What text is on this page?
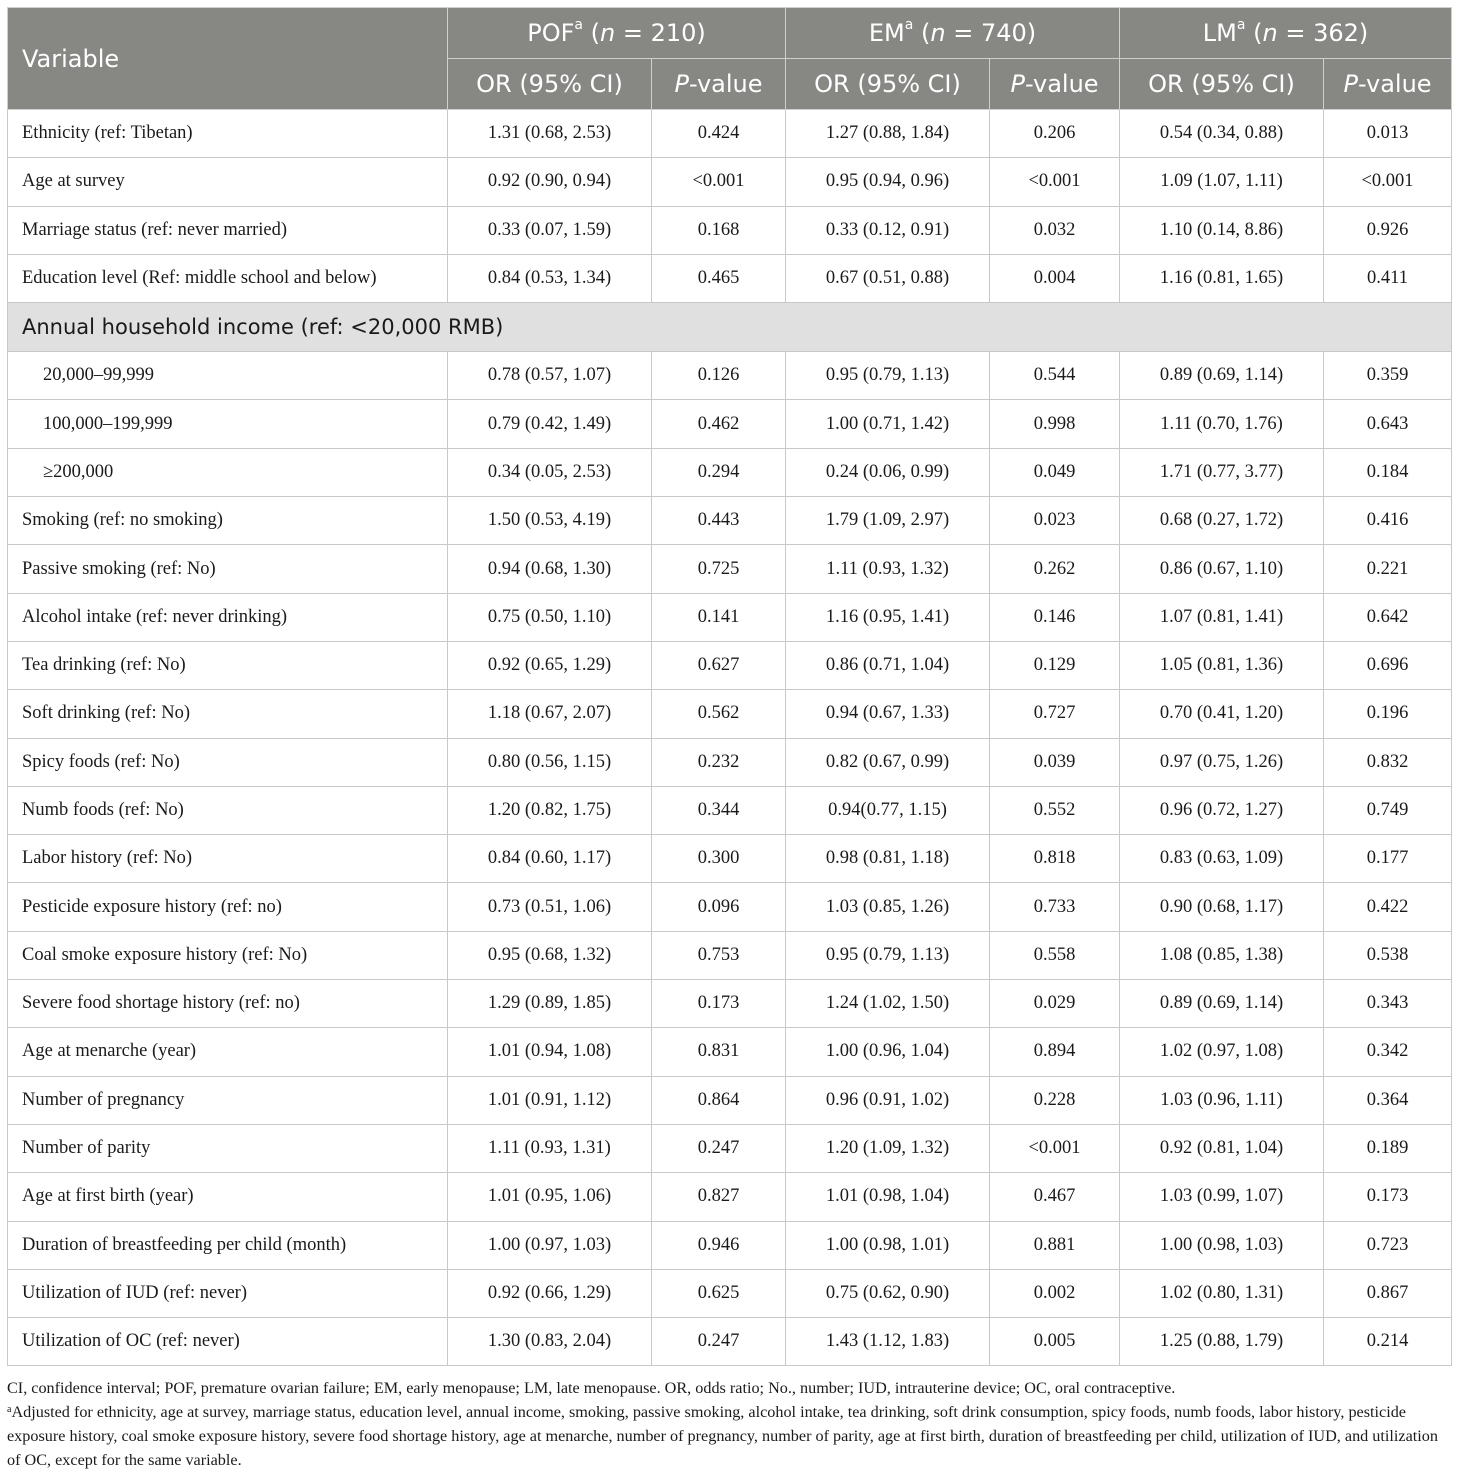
Variable	POF$^a$ (n = 210)		$EM^a$ (n = 740)		$LM^a$ (n = 362)	
	OR (95% CI)	P-value	OR (95% CI)	P-value	OR (95% CI)	P-value
Ethnicity (ref: Tibetan)	1.31 (0.68, 2.53)	0.424	1.27 (0.88, 1.84)	0.206	0.54 (0.34, 0.88)	0.013
Age at survey	0.92 (0.90, 0.94)	<0.001	0.95 (0.94, 0.96)	<0.001	1.09 (1.07, 1.11)	<0.001
Marriage status (ref: never married)	0.33 (0.07, 1.59)	0.168	0.33 (0.12, 0.91)	0.032	1.10 (0.14, 8.86)	0.926
Education level (Ref: middle school and below)	0.84 (0.53, 1.34)	0.465	0.67 (0.51, 0.88)	0.004	1.16 (0.81, 1.65)	0.411
Annual household income (ref: <20,000 RMB)						
20,000–99,999	0.78 (0.57, 1.07)	0.126	0.95 (0.79, 1.13)	0.544	0.89 (0.69, 1.14)	0.359
100,000–199,999	0.79 (0.42, 1.49)	0.462	1.00 (0.71, 1.42)	0.998	1.11 (0.70, 1.76)	0.643
≥200,000	0.34 (0.05, 2.53)	0.294	0.24 (0.06, 0.99)	0.049	1.71 (0.77, 3.77)	0.184
Smoking (ref: no smoking)	1.50 (0.53, 4.19)	0.443	1.79 (1.09, 2.97)	0.023	0.68 (0.27, 1.72)	0.416
Passive smoking (ref: No)	0.94 (0.68, 1.30)	0.725	1.11 (0.93, 1.32)	0.262	0.86 (0.67, 1.10)	0.221
Alcohol intake (ref: never drinking)	0.75 (0.50, 1.10)	0.141	1.16 (0.95, 1.41)	0.146	1.07 (0.81, 1.41)	0.642
Tea drinking (ref: No)	0.92 (0.65, 1.29)	0.627	0.86 (0.71, 1.04)	0.129	1.05 (0.81, 1.36)	0.696
Soft drinking (ref: No)	1.18 (0.67, 2.07)	0.562	0.94 (0.67, 1.33)	0.727	0.70 (0.41, 1.20)	0.196
Spicy foods (ref: No)	0.80 (0.56, 1.15)	0.232	0.82 (0.67, 0.99)	0.039	0.97 (0.75, 1.26)	0.832
Numb foods (ref: No)	1.20 (0.82, 1.75)	0.344	0.94(0.77, 1.15)	0.552	0.96 (0.72, 1.27)	0.749
Labor history (ref: No)	0.84 (0.60, 1.17)	0.300	0.98 (0.81, 1.18)	0.818	0.83 (0.63, 1.09)	0.177
Pesticide exposure history (ref: no)	0.73 (0.51, 1.06)	0.096	1.03 (0.85, 1.26)	0.733	0.90 (0.68, 1.17)	0.422
Coal smoke exposure history (ref: No)	0.95 (0.68, 1.32)	0.753	0.95 (0.79, 1.13)	0.558	1.08 (0.85, 1.38)	0.538
Severe food shortage history (ref: no)	1.29 (0.89, 1.85)	0.173	1.24 (1.02, 1.50)	0.029	0.89 (0.69, 1.14)	0.343
Age at menarche (year)	1.01 (0.94, 1.08)	0.831	1.00 (0.96, 1.04)	0.894	1.02 (0.97, 1.08)	0.342
Number of pregnancy	1.01 (0.91, 1.12)	0.864	0.96 (0.91, 1.02)	0.228	1.03 (0.96, 1.11)	0.364
Number of parity	1.11 (0.93, 1.31)	0.247	1.20 (1.09, 1.32)	<0.001	0.92 (0.81, 1.04)	0.189
Age at first birth (year)	1.01 (0.95, 1.06)	0.827	1.01 (0.98, 1.04)	0.467	1.03 (0.99, 1.07)	0.173
Duration of breastfeeding per child (month)	1.00 (0.97, 1.03)	0.946	1.00 (0.98, 1.01)	0.881	1.00 (0.98, 1.03)	0.723
Utilization of IUD (ref: never)	0.92 (0.66, 1.29)	0.625	0.75 (0.62, 0.90)	0.002	1.02 (0.80, 1.31)	0.867
Utilization of OC (ref: never)	1.30 (0.83, 2.04)	0.247	1.43 (1.12, 1.83)	0.005	1.25 (0.88, 1.79)	0.214
CI, confidence interval; POF, premature ovarian failure; EM, early menopause; LM, late menopause. OR, odds ratio; No., number; IUD, intrauterine device; OC, oral contraceptive.
$^a$Adjusted for ethnicity, age at survey, marriage status, education level, annual income, smoking, passive smoking, alcohol intake, tea drinking, soft drink consumption, spicy foods, numb foods, labor history, pesticide exposure history, coal smoke exposure history, severe food shortage history, age at menarche, number of pregnancy, number of parity, age at first birth, duration of breastfeeding per child, utilization of IUD, and utilization of OC, except for the same variable.
